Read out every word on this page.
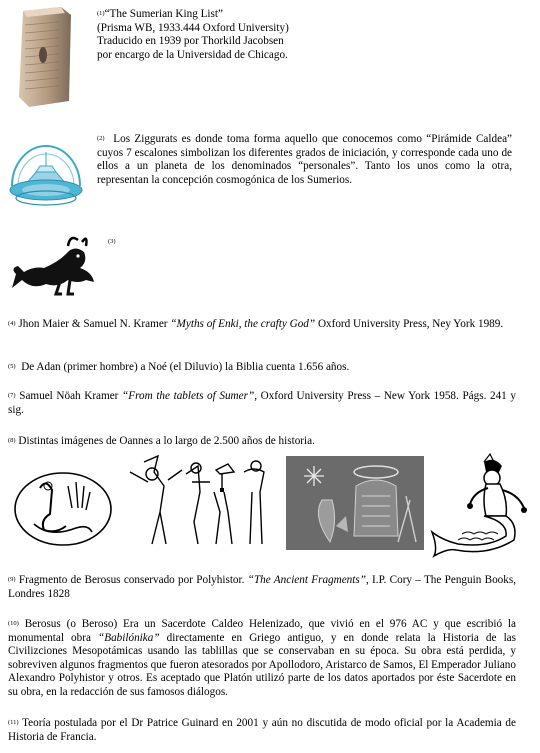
$^{(1)}$“The Sumerian King List”
(Prisma WB, 1933.444 Oxford University)
Traducido en 1939 por Thorkild Jacobsen
por encargo de la Universidad de Chicago.
$^{(2)}$ Los Ziggurats es donde toma forma aquello que conocemos como “Pirámide Caldea” cuyos 7 escalones simbolizan los diferentes grados de iniciación, y corresponde cada uno de ellos a un planeta de los denominados “personales”. Tanto los unos como la otra, representan la concepción cosmogónica de los Sumerios.
$^{(3)}$
$^{(4)}$ Jhon Maier & Samuel N. Kramer “Myths of Enki, the crafty God” Oxford University Press, Ney York 1989.
$^{(5)}$ De Adan (primer hombre) a Noé (el Diluvio) la Biblia cuenta 1.656 años.
$^{(7)}$ Samuel Nöah Kramer “From the tablets of Sumer”, Oxford University Press – New York 1958. Págs. 241 y sig.
$^{(8)}$ Distintas imágenes de Oannes a lo largo de 2.500 años de historia.
$^{(9)}$ Fragmento de Berosus conservado por Polyhistor. “The Ancient Fragments”, I.P. Cory – The Penguin Books, Londres 1828
$^{(10)}$ Berosus (o Beroso) Era un Sacerdote Caldeo Helenizado, que vivió en el 976 AC y que escribió la monumental obra “Babilónika” directamente en Griego antiguo, y en donde relata la Historia de las Civilizciones Mesopotámicas usando las tablillas que se conservaban en su época. Su obra está perdida, y sobreviven algunos fragmentos que fueron atesorados por Apollodoro, Aristarco de Samos, El Emperador Juliano Alexandro Polyhistor y otros. Es aceptado que Platón utilizó parte de los datos aportados por éste Sacerdote en su obra, en la redacción de sus famosos diálogos.
$^{(11)}$ Teoría postulada por el Dr Patrice Guinard en 2001 y aún no discutida de modo oficial por la Academia de Historia de Francia.
